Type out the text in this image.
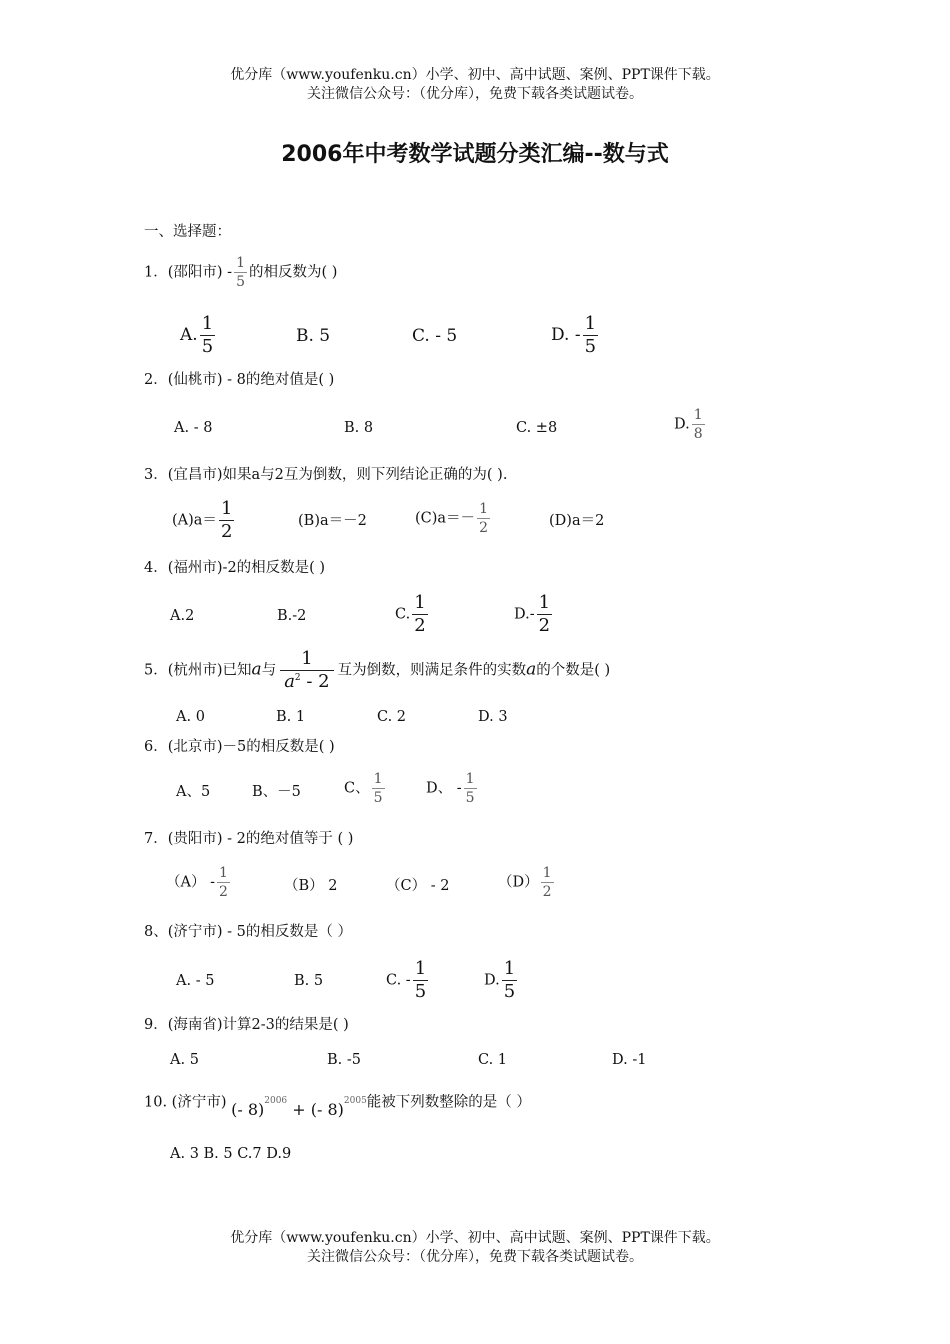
优分库（www.youfenku.cn）小学、初中、高中试题、案例、PPT课件下载。
关注微信公众号：（优分库），免费下载各类试题试卷。
2006年中考数学试题分类汇编--数与式
一、选择题：
1．(邵阳市) - $\frac{1}{5}$ 的相反数为( )
A. $\frac{1}{5}$	B. 5	C. - 5	D. - $\frac{1}{5}$
2．(仙桃市) - 8的绝对值是( )
A. - 8	B. 8	C. ±8	D. $\frac{1}{8}$
3．(宜昌市)如果a与2互为倒数，则下列结论正确的为( ).
$(A)a= \frac{1}{2}$	(B)a＝－2	$(C)a=- \frac{1}{2}$	(D)a＝2
4．(福州市)-2的相反数是( )
A.2	B.-2	C. $\frac{1}{2}$	$D.- \frac{1}{2}$
5．(杭州市)已知a与 $\frac{1}{a^2 - 2}$ 互为倒数，则满足条件的实数a的个数是( )
A. 0	B. 1	C. 2	D. 3
6．(北京市)－5的相反数是( )
A、5	B、－5	C、 $\frac{1}{5}$	D、 - $\frac{1}{5}$
7．(贵阳市) - 2的绝对值等于 ( )
$(A) - \frac{1}{2}$	（B） 2	（C） - 2	$(D) \frac{1}{2}$
8、(济宁市) - 5的相反数是（ ）
A. - 5	B. 5	C. - $\frac{1}{5}$	D. $\frac{1}{5}$
9．(海南省)计算2-3的结果是( )
A. 5	B. -5	C. 1	D. -1
10. (济宁市) (- 8)$^{2006}$ + (- 8)$^{2005}$能被下列数整除的是（ ）
A. 3 B. 5 C.7 D.9
优分库（www.youfenku.cn）小学、初中、高中试题、案例、PPT课件下载。
关注微信公众号：（优分库），免费下载各类试题试卷。
